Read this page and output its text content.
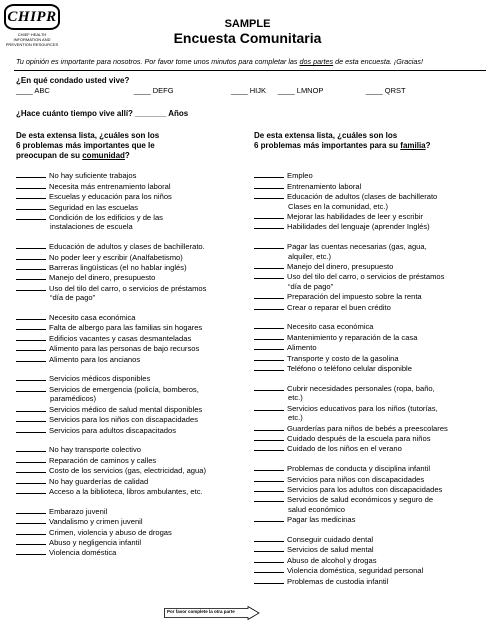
CHIPR
CHIEF HEALTH INFORMATION AND PREVENTION RESOURCES
SAMPLE
Encuesta Comunitaria
Tu opinión es importante para nosotros. Por favor tome unos minutos para completar las dos partes de esta encuesta. ¡Gracias!
¿En qué condado usted vive?
____ ABC	____ DEFG	____ HIJK ____ LMNOP	____ QRST
¿Hace cuánto tiempo vive allí? _______ Años
De esta extensa lista, ¿cuáles son los
6 problemas más importantes que le
preocupan de su comunidad?
No hay suficiente trabajos
Necesita más entrenamiento laboral
Escuelas y educación para los niños
Seguridad en las escuelas
Condición de los edificios y de las
instalaciones de escuela
Educación de adultos y clases de bachillerato.
No poder leer y escribir (Analfabetismo)
Barreras lingüísticas (el no hablar inglés)
Manejo del dinero, presupuesto
Uso del tilo del carro, o servicios de préstamos
“día de pago”
Necesito casa económica
Falta de albergo para las familias sin hogares
Edificios vacantes y casas desmanteladas
Alimento para las personas de bajo recursos
Alimento para los ancianos
Servicios médicos disponibles
Servicios de emergencia (policía, bomberos,
paramédicos)
Servicios médico de salud mental disponibles
Servicios para los niños con discapacidades
Servicios para adultos discapacitados
No hay transporte colectivo
Reparación de caminos y calles
Costo de los servicios (gas, electricidad, agua)
No hay guarderías de calidad
Acceso a la biblioteca, libros ambulantes, etc.
Embarazo juvenil
Vandalismo y crimen juvenil
Crimen, violencia y abuso de drogas
Abuso y negligencia infantil
Violencia doméstica
De esta extensa lista, ¿cuáles son los
6 problemas más importantes para su familia?
Empleo
Entrenamiento laboral
Educación de adultos (clases de bachillerato
Clases en la comunidad, etc.)
Mejorar las habilidades de leer y escribir
Habilidades del lenguaje (aprender Inglés)
Pagar las cuentas necesarias (gas, agua,
alquiler, etc.)
Manejo del dinero, presupuesto
Uso del tilo del carro, o servicios de préstamos
“día de pago”
Preparación del impuesto sobre la renta
Crear o reparar el buen crédito
Necesito casa económica
Mantenimiento y reparación de la casa
Alimento
Transporte y costo de la gasolina
Teléfono o teléfono celular disponible
Cubrir necesidades personales (ropa, baño,
etc.)
Servicios educativos para los niños (tutorías,
etc.)
Guarderías para niños de bebés a preescolares
Cuidado después de la escuela para niños
Cuidado de los niños en el verano
Problemas de conducta y disciplina infantil
Servicios para niños con discapacidades
Servicios para los adultos con discapacidades
Servicios de salud económicos y seguro de
salud económico
Pagar las medicinas
Conseguir cuidado dental
Servicios de salud mental
Abuso de alcohol y drogas
Violencia doméstica, seguridad personal
Problemas de custodia infantil
Por favor complete la otra parte
